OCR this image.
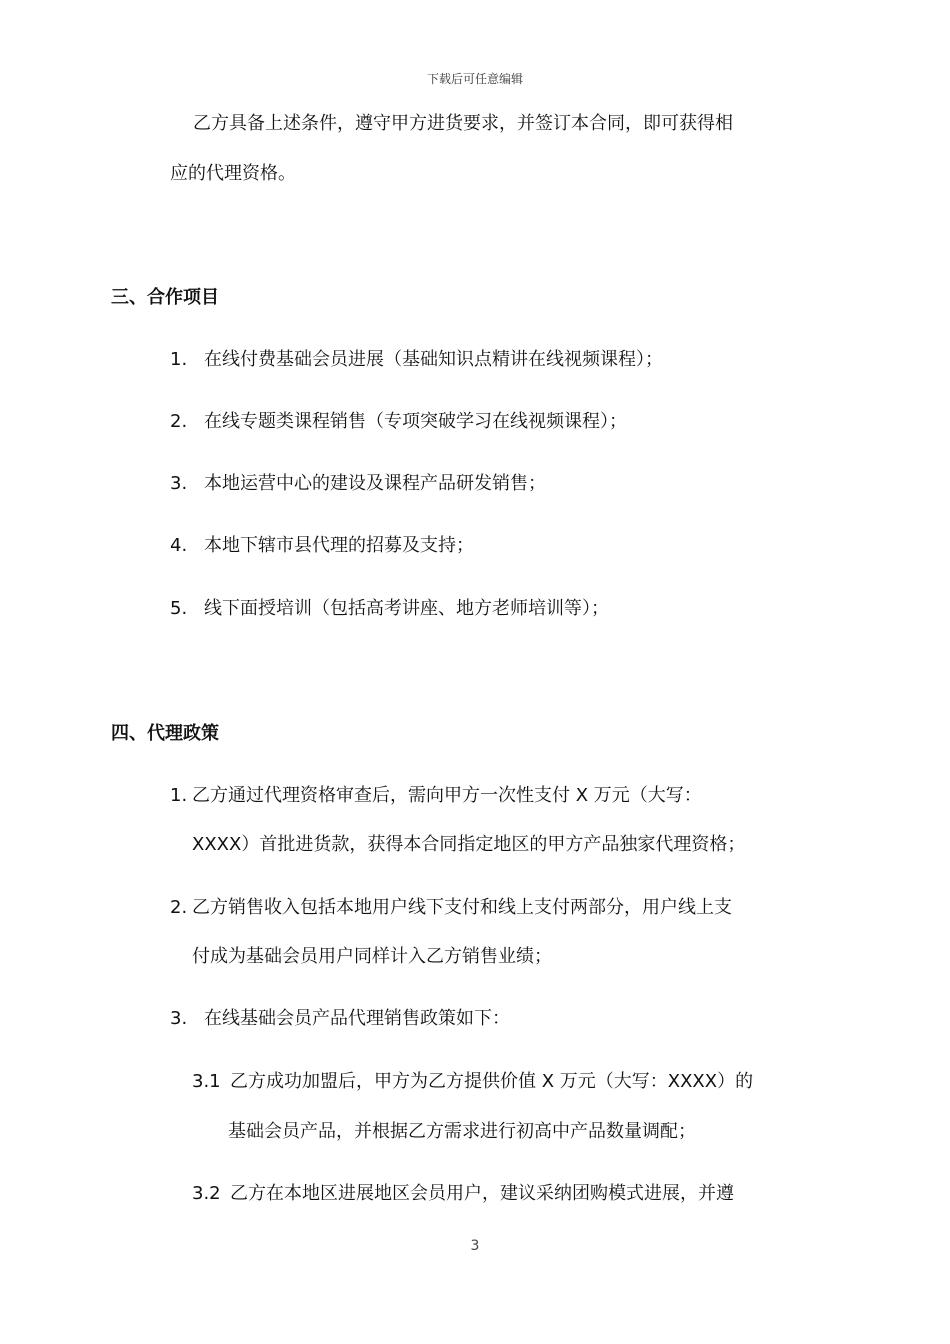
下载后可任意编辑
乙方具备上述条件，遵守甲方进货要求，并签订本合同，即可获得相
应的代理资格。
三、合作项目
1. 在线付费基础会员进展（基础知识点精讲在线视频课程）；
2. 在线专题类课程销售（专项突破学习在线视频课程）；
3. 本地运营中心的建设及课程产品研发销售；
4. 本地下辖市县代理的招募及支持；
5. 线下面授培训（包括高考讲座、地方老师培训等）；
四、代理政策
1. 乙方通过代理资格审查后，需向甲方一次性支付 X 万元（大写：
XXXX）首批进货款，获得本合同指定地区的甲方产品独家代理资格；
2. 乙方销售收入包括本地用户线下支付和线上支付两部分，用户线上支
付成为基础会员用户同样计入乙方销售业绩；
3. 在线基础会员产品代理销售政策如下：
3.1 乙方成功加盟后，甲方为乙方提供价值 X 万元（大写：XXXX）的
基础会员产品，并根据乙方需求进行初高中产品数量调配；
3.2 乙方在本地区进展地区会员用户，建议采纳团购模式进展，并遵
3
